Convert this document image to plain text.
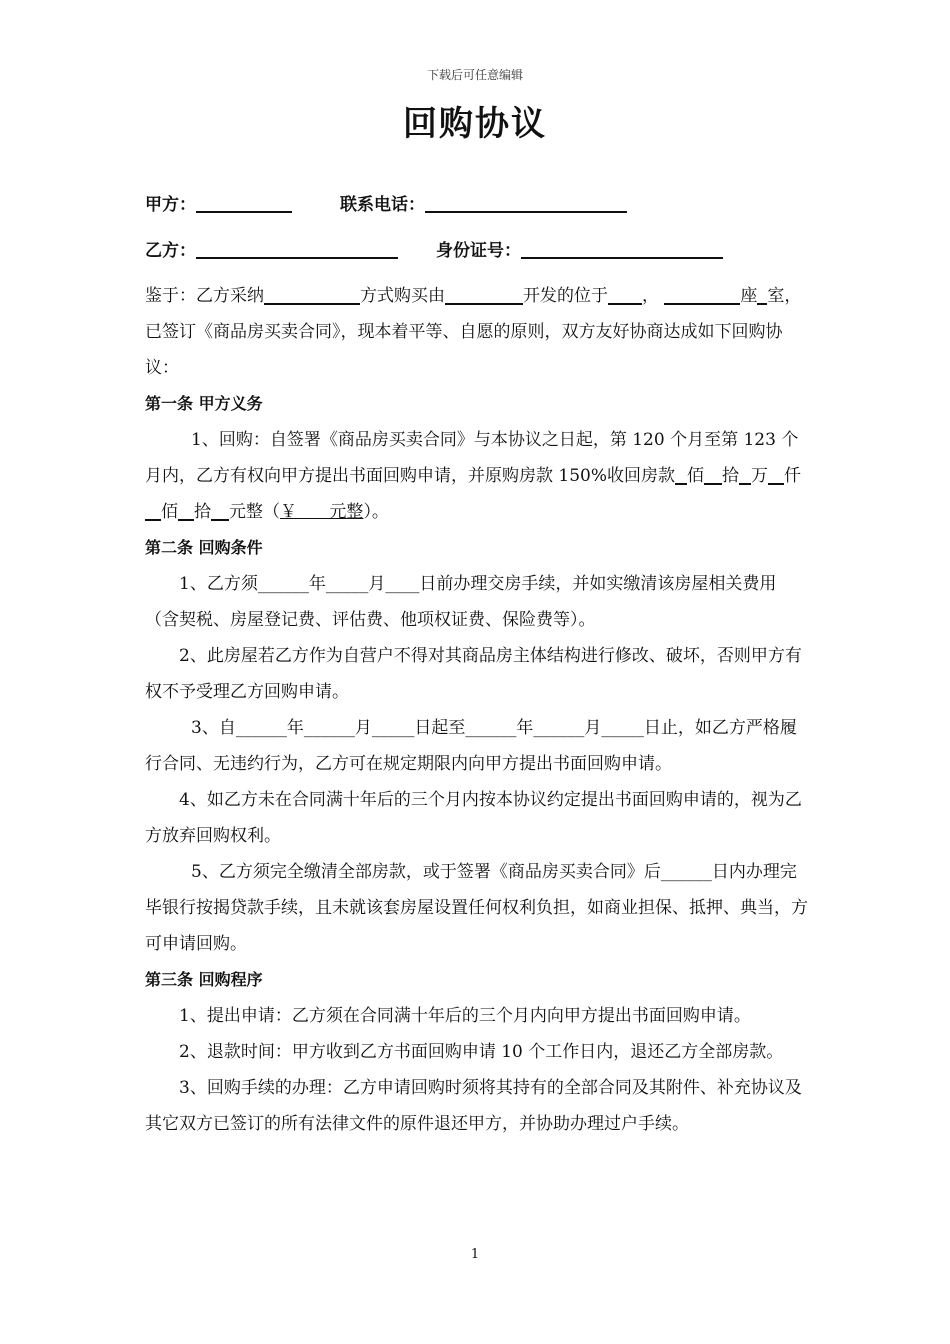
下载后可任意编辑
回购协议
甲方：	联系电话：
乙方：	身份证号：

鉴于：乙方采纳	方式购买由	开发的位于 ，	座 室，已签订《商品房买卖合同》，现本着平等、自愿的原则，双方友好协商达成如下回购协议：

第一条 甲方义务

1、回购：自签署《商品房买卖合同》与本协议之日起，第 120 个月至第 123 个月内，乙方有权向甲方提出书面回购申请，并原购房款 150%收回房款 佰 拾 万 仟 佰 拾 元整（￥      元整）。

第二条 回购条件

1、乙方须______年_____月____日前办理交房手续，并如实缴清该房屋相关费用（含契税、房屋登记费、评估费、他项权证费、保险费等）。

2、此房屋若乙方作为自营户不得对其商品房主体结构进行修改、破坏，否则甲方有权不予受理乙方回购申请。

3、自______年______月_____日起至______年______月_____日止，如乙方严格履行合同、无违约行为，乙方可在规定期限内向甲方提出书面回购申请。

4、如乙方未在合同满十年后的三个月内按本协议约定提出书面回购申请的，视为乙方放弃回购权利。

5、乙方须完全缴清全部房款，或于签署《商品房买卖合同》后______日内办理完毕银行按揭贷款手续，且未就该套房屋设置任何权利负担，如商业担保、抵押、典当，方可申请回购。

第三条 回购程序

1、提出申请：乙方须在合同满十年后的三个月内向甲方提出书面回购申请。

2、退款时间：甲方收到乙方书面回购申请 10 个工作日内，退还乙方全部房款。

3、回购手续的办理：乙方申请回购时须将其持有的全部合同及其附件、补充协议及其它双方已签订的所有法律文件的原件退还甲方，并协助办理过户手续。

1
